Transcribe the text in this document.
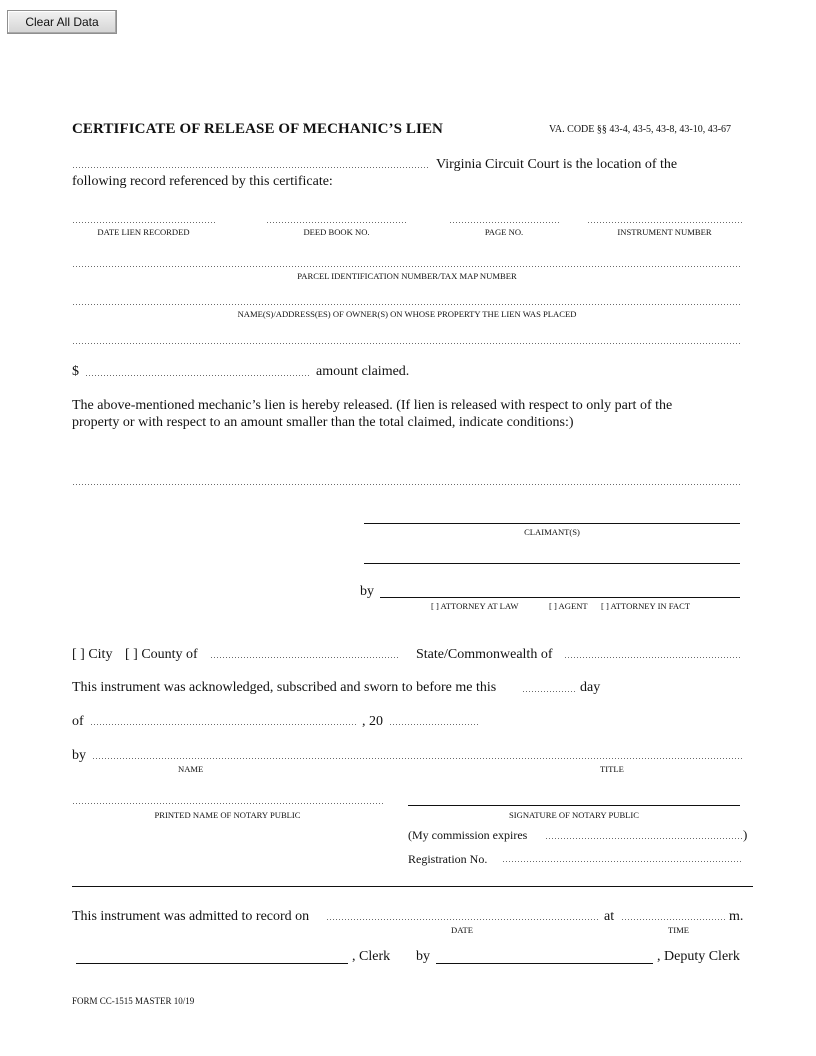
Clear All Data
CERTIFICATE OF RELEASE OF MECHANIC’S LIEN	VA. CODE §§ 43-4, 43-5, 43-8, 43-10, 43-67
Virginia Circuit Court is the location of the
following record referenced by this certificate:
DATE LIEN RECORDED	DEED BOOK NO.	PAGE NO.	INSTRUMENT NUMBER
PARCEL IDENTIFICATION NUMBER/TAX MAP NUMBER
NAME(S)/ADDRESS(ES) OF OWNER(S) ON WHOSE PROPERTY THE LIEN WAS PLACED
$	amount claimed.
The above-mentioned mechanic’s lien is hereby released. (If lien is released with respect to only part of the
property or with respect to an amount smaller than the total claimed, indicate conditions:)
CLAIMANT(S)
by
[ ] ATTORNEY AT LAW	[ ] AGENT [ ] ATTORNEY IN FACT
[ ] City [ ] County of	State/Commonwealth of
This instrument was acknowledged, subscribed and sworn to before me this	day
of	, 20
by
NAME	TITLE
PRINTED NAME OF NOTARY PUBLIC	SIGNATURE OF NOTARY PUBLIC
(My commission expires	)
Registration No.
This instrument was admitted to record on	at	m.
DATE	TIME
, Clerk by	, Deputy Clerk
FORM CC-1515 MASTER 10/19
